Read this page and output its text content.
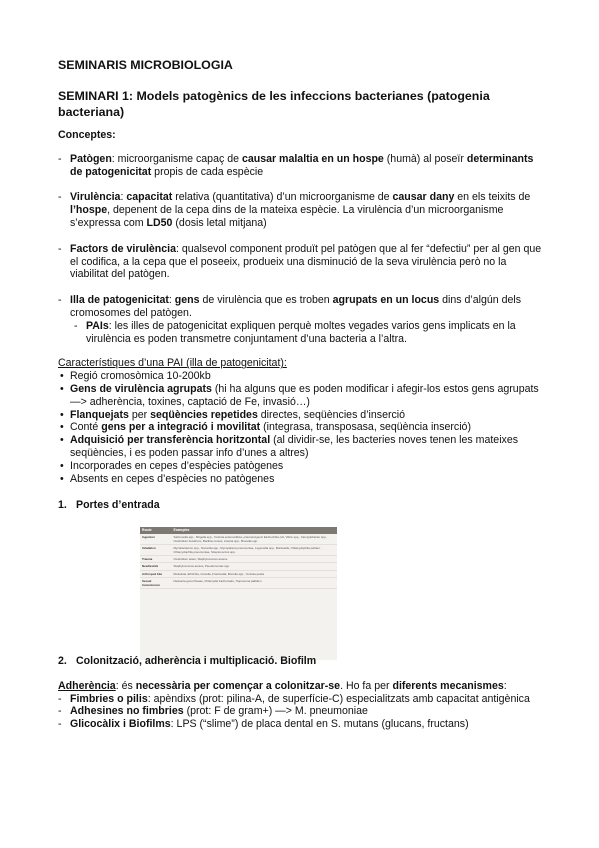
SEMINARIS MICROBIOLOGIA
SEMINARI 1: Models patogènics de les infeccions bacterianes (patogenia bacteriana)
Conceptes:
- Patògen: microorganisme capaç de causar malaltia en un hospe (humà) al poseïr determinants de patogenicitat propis de cada espècie
- Virulència: capacitat relativa (quantitativa) d’un microorganisme de causar dany en els teixits de l’hospe, depenent de la cepa dins de la mateixa espècie. La virulència d’un microorganisme s’expressa com LD50 (dosis letal mitjana)
- Factors de virulència: qualsevol component produït pel patògen que al fer “defectiu” per al gen que el codifica, a la cepa que el poseeix, produeix una disminució de la seva virulència però no la viabilitat del patògen.
- Illa de patogenicitat: gens de virulència que es troben agrupats en un locus dins d’algún dels cromosomes del patògen.
- PAIs: les illes de patogenicitat expliquen perquè moltes vegades varios gens implicats en la virulència es poden transmetre conjuntament d’una bacteria a l’altra.
Característiques d’una PAI (illa de patogenicitat):
• Regió cromosòmica 10-200kb
• Gens de virulència agrupats (hi ha alguns que es poden modificar i afegir-los estos gens agrupats —> adherència, toxines, captació de Fe, invasió…)
• Flanquejats per seqüències repetides directes, seqüències d’inserció
• Conté gens per a integració i movilitat (integrasa, transposasa, seqüència inserció)
• Adquisició per transferència horitzontal (al dividir-se, les bacteries noves tenen les mateixes seqüències, i es poden passar info d’unes a altres)
• Incorporades en cepes d’espècies patògenes
• Absents en cepes d’espècies no patògenes
1. Portes d’entrada
Route	Examples
Ingestion	Salmonella spp., Shigella spp., Yersinia enterocolitica, enterotoxigenic Escherichia coli, Vibrio spp., Campylobacter spp., Clostridium botulinum, Bacillus cereus, Listeria spp., Brucella spp.
Inhalation	Mycobacterium spp., Nocardia spp., Mycoplasma pneumoniae, Legionella spp., Bordetella, Chlamydophila psittaci, Chlamydophila pneumoniae, Streptococcus spp.
Trauma	Clostridium tetani, Staphylococcus aureus
Needlestick	Staphylococcus aureus, Pseudomonas spp.
Arthropod bite	Rickettsia, Ehrlichia, Coxiella, Francisella, Borrelia spp., Yersinia pestis
Sexual transmission	Neisseria gonorrhoeae, Chlamydia trachomatis, Treponema pallidum
2. Colonització, adherència i multiplicació. Biofilm
Adherència: és necessària per començar a colonitzar-se. Ho fa per diferents mecanismes:
- Fimbries o pilis: apèndixs (prot: pilina-A, de superfície-C) especialitzats amb capacitat antigènica
- Adhesines no fimbries (prot: F de gram+) —> M. pneumoniae
- Glicocàlix i Biofilms: LPS (“slime”) de placa dental en S. mutans (glucans, fructans)
